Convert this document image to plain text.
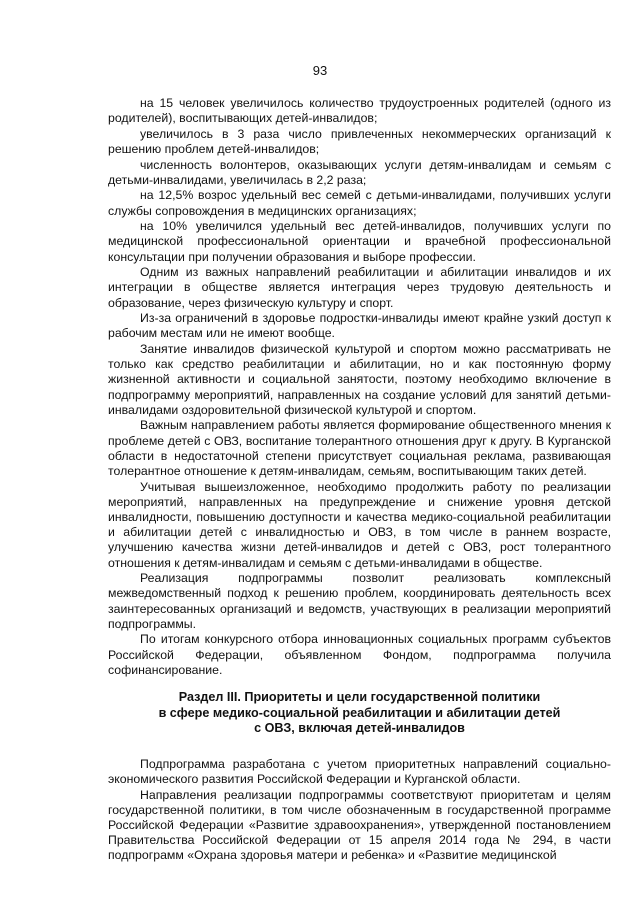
93

на 15 человек увеличилось количество трудоустроенных родителей (одного из родителей), воспитывающих детей-инвалидов;

увеличилось в 3 раза число привлеченных некоммерческих организаций к решению проблем детей-инвалидов;

численность волонтеров, оказывающих услуги детям-инвалидам и семьям с детьми-инвалидами, увеличилась в 2,2 раза;

на 12,5% возрос удельный вес семей с детьми-инвалидами, получивших услуги службы сопровождения в медицинских организациях;

на 10% увеличился удельный вес детей-инвалидов, получивших услуги по медицинской профессиональной ориентации и врачебной профессиональной консультации при получении образования и выборе профессии.

Одним из важных направлений реабилитации и абилитации инвалидов и их интеграции в обществе является интеграция через трудовую деятельность и образование, через физическую культуру и спорт.

Из-за ограничений в здоровье подростки-инвалиды имеют крайне узкий доступ к рабочим местам или не имеют вообще.

Занятие инвалидов физической культурой и спортом можно рассматривать не только как средство реабилитации и абилитации, но и как постоянную форму жизненной активности и социальной занятости, поэтому необходимо включение в подпрограмму мероприятий, направленных на создание условий для занятий детьми-инвалидами оздоровительной физической культурой и спортом.

Важным направлением работы является формирование общественного мнения к проблеме детей с ОВЗ, воспитание толерантного отношения друг к другу. В Курганской области в недостаточной степени присутствует социальная реклама, развивающая толерантное отношение к детям-инвалидам, семьям, воспитывающим таких детей.

Учитывая вышеизложенное, необходимо продолжить работу по реализации мероприятий, направленных на предупреждение и снижение уровня детской инвалидности, повышению доступности и качества медико-социальной реабилитации и абилитации детей с инвалидностью и ОВЗ, в том числе в раннем возрасте, улучшению качества жизни детей-инвалидов и детей с ОВЗ, рост толерантного отношения к детям-инвалидам и семьям с детьми-инвалидами в обществе.

Реализация подпрограммы позволит реализовать комплексный межведомственный подход к решению проблем, координировать деятельность всех заинтересованных организаций и ведомств, участвующих в реализации мероприятий подпрограммы.

По итогам конкурсного отбора инновационных социальных программ субъектов Российской Федерации, объявленном Фондом, подпрограмма получила софинансирование.

Раздел III. Приоритеты и цели государственной политики
в сфере медико-социальной реабилитации и абилитации детей
с ОВЗ, включая детей-инвалидов

Подпрограмма разработана с учетом приоритетных направлений социально-экономического развития Российской Федерации и Курганской области.

Направления реализации подпрограммы соответствуют приоритетам и целям государственной политики, в том числе обозначенным в государственной программе Российской Федерации «Развитие здравоохранения», утвержденной постановлением Правительства Российской Федерации от 15 апреля 2014 года № 294, в части подпрограмм «Охрана здоровья матери и ребенка» и «Развитие медицинской
